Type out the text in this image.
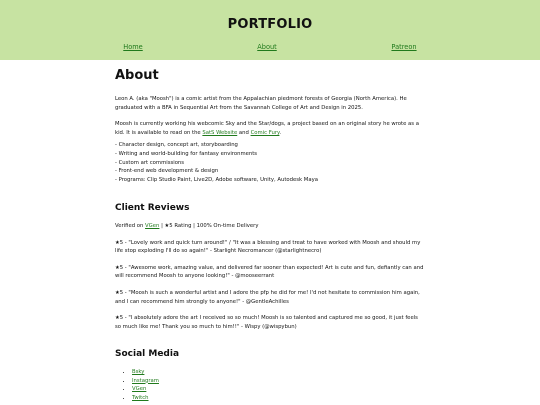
PORTFOLIO
Home	About	Patreon
About

Leon A. (aka "Moosh") is a comic artist from the Appalachian piedmont forests of Georgia (North America). He graduated with a BFA in Sequential Art from the Savannah College of Art and Design in 2025.

Moosh is currently working his webcomic Sky and the Star/dogs, a project based on an original story he wrote as a kid. It is available to read on the SatS Website and Comic Fury.

- Character design, concept art, storyboarding
- Writing and world-building for fantasy environments
- Custom art commissions
- Front-end web development & design
- Programs: Clip Studio Paint, Live2D, Adobe software, Unity, Autodesk Maya
Client Reviews

Verified on VGen | ★5 Rating | 100% On-time Delivery

★5 - "Lovely work and quick turn around!" / "It was a blessing and treat to have worked with Moosh and should my life stop exploding I'll do so again!" - Starlight Necromancer (@starlightnecro)

★5 - "Awesome work, amazing value, and delivered far sooner than expected! Art is cute and fun, defiantly can and will recommend Moosh to anyone looking!" - @mooseerrant

★5 - "Moosh is such a wonderful artist and I adore the pfp he did for me! I'd not hesitate to commission him again, and I can recommend him strongly to anyone!" - @GentleAchilles

★5 - "I absolutely adore the art I received so so much! Moosh is so talented and captured me so good, it just feels so much like me! Thank you so much to him!!" - Wispy (@wispybun)

Social Media
• Bsky
• Instagram
• VGen
• Twitch
